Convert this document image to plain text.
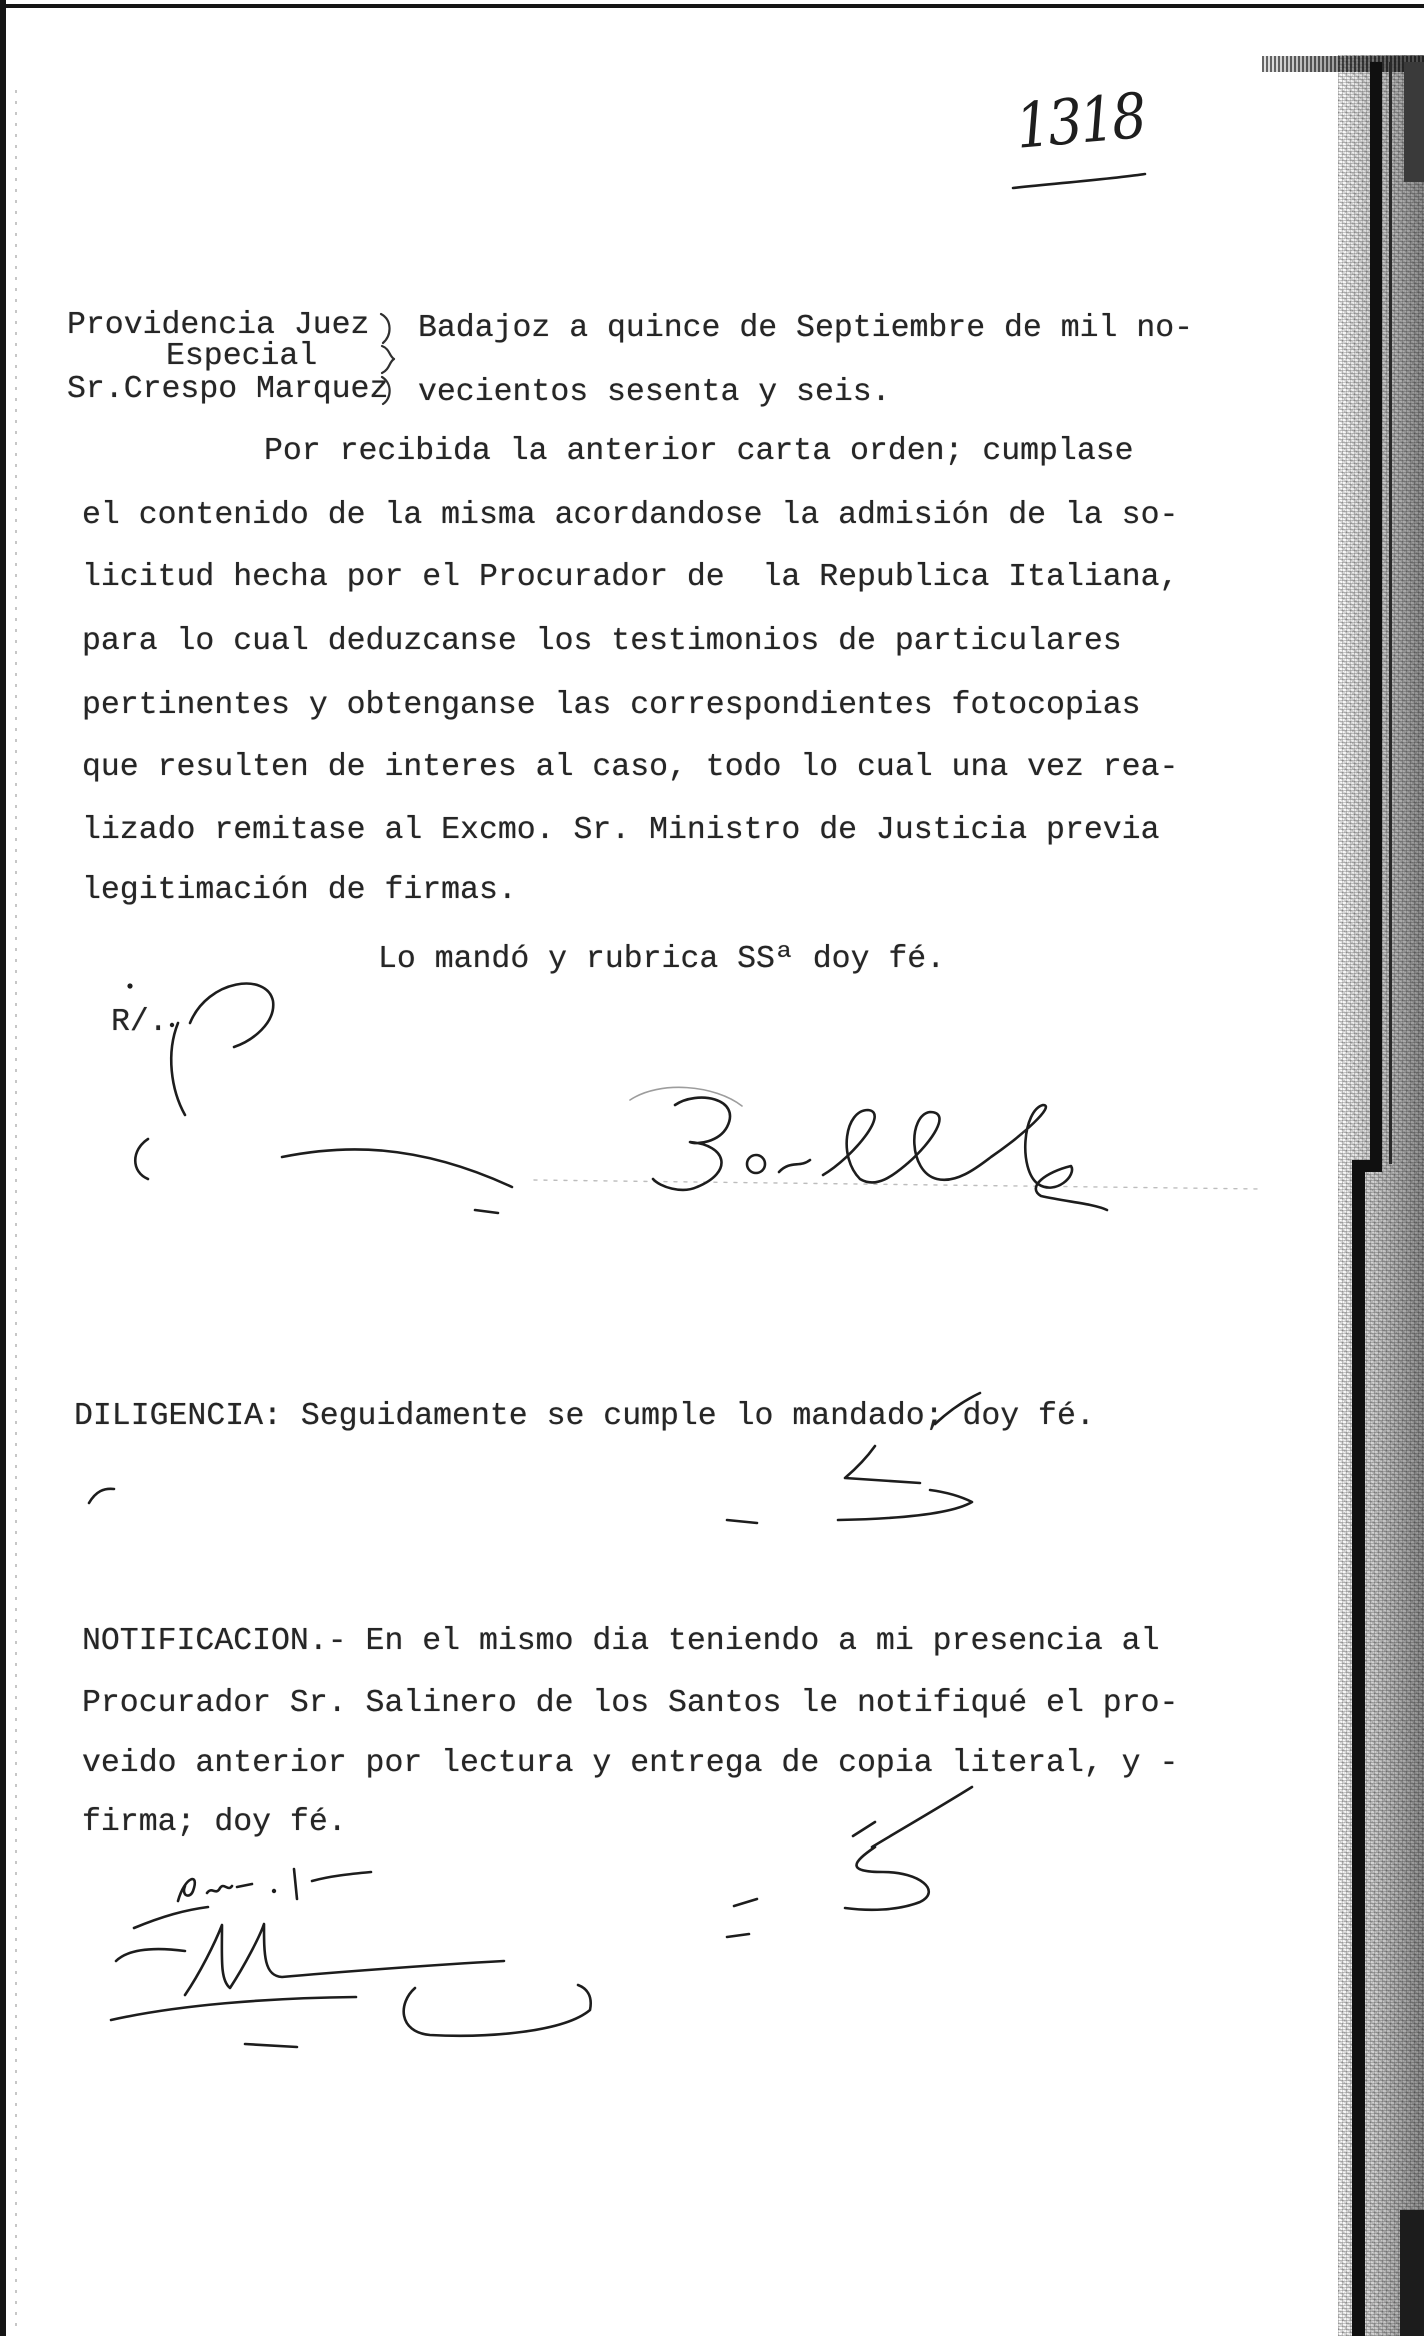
1318
Providencia Juez
Especial
Sr.Crespo Marquez
Badajoz a quince de Septiembre de mil no-
vecientos sesenta y seis.
Por recibida la anterior carta orden; cumplase
el contenido de la misma acordandose la admisión de la so-
licitud hecha por el Procurador de  la Republica Italiana,
para lo cual deduzcanse los testimonios de particulares
pertinentes y obtenganse las correspondientes fotocopias
que resulten de interes al caso, todo lo cual una vez rea-
lizado remitase al Excmo. Sr. Ministro de Justicia previa
legitimación de firmas.
Lo mandó y rubrica SSª doy fé.
R/.
DILIGENCIA: Seguidamente se cumple lo mandado; doy fé.
NOTIFICACION.- En el mismo dia teniendo a mi presencia al
Procurador Sr. Salinero de los Santos le notifiqué el pro-
veido anterior por lectura y entrega de copia literal, y -
firma; doy fé.
